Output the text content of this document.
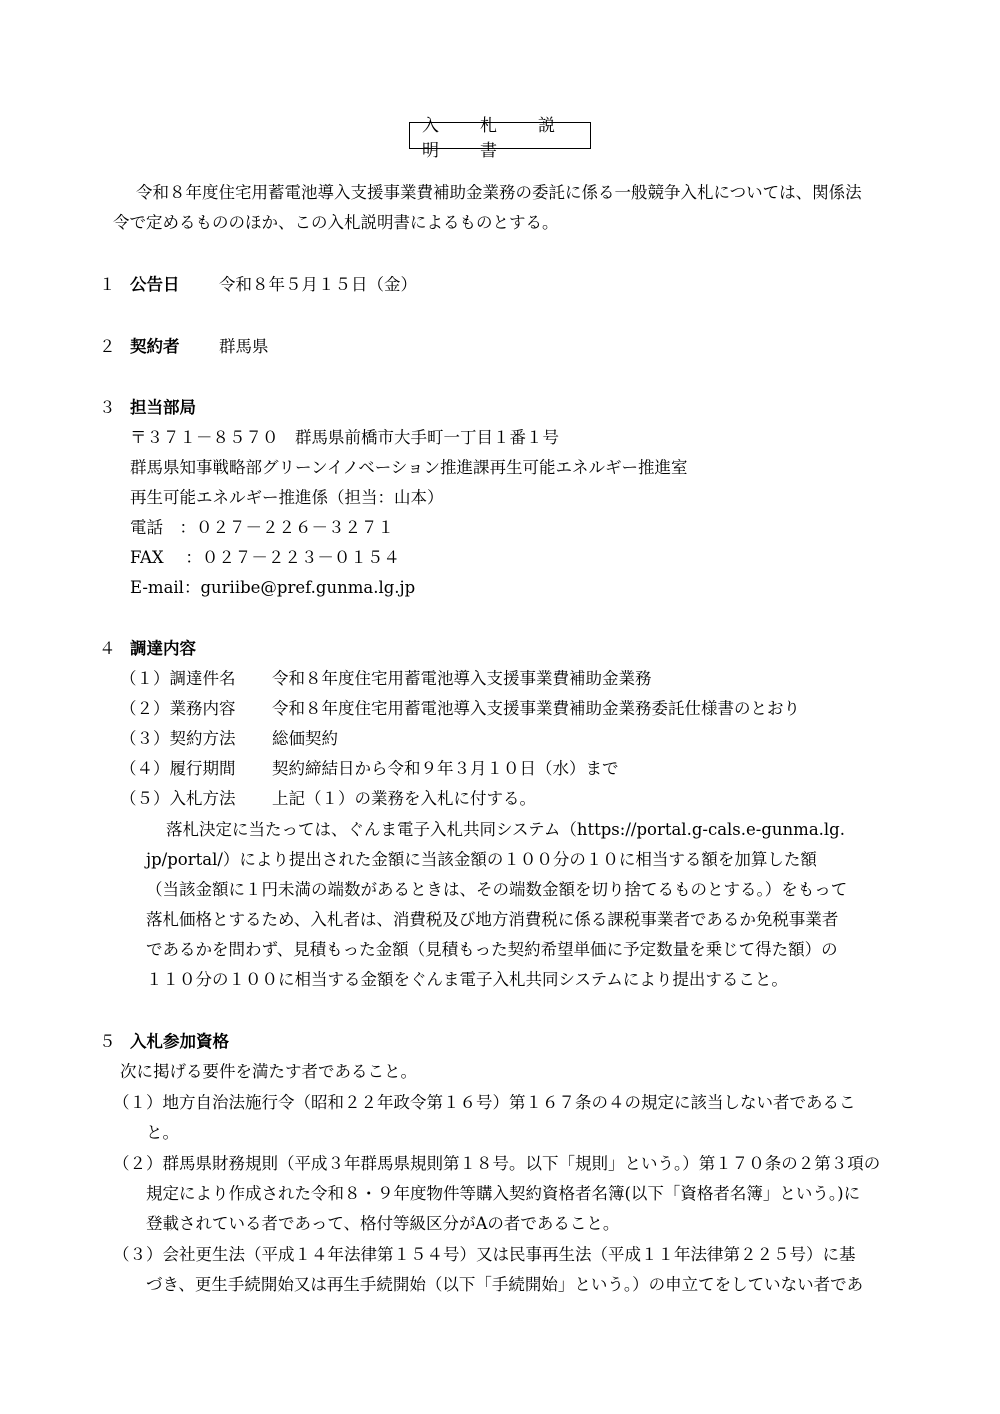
入　札　説　明　書
令和８年度住宅用蓄電池導入支援事業費補助金業務の委託に係る一般競争入札については、関係法
令で定めるもののほか、この入札説明書によるものとする。
１ 公告日 令和８年５月１５日（金）
２ 契約者 群馬県
３ 担当部局
〒３７１－８５７０　群馬県前橋市大手町一丁目１番１号
群馬県知事戦略部グリーンイノベーション推進課再生可能エネルギー推進室
再生可能エネルギー推進係（担当：山本）
電話　：０２７－２２６－３２７１
FAX　 ：０２７－２２３－０１５４
E-mail：guriibe@pref.gunma.lg.jp
４ 調達内容
（１）調達件名 令和８年度住宅用蓄電池導入支援事業費補助金業務
（２）業務内容 令和８年度住宅用蓄電池導入支援事業費補助金業務委託仕様書のとおり
（３）契約方法 総価契約
（４）履行期間 契約締結日から令和９年３月１０日（水）まで
（５）入札方法 上記（１）の業務を入札に付する。
落札決定に当たっては、ぐんま電子入札共同システム（https://portal.g-cals.e-gunma.lg.
jp/portal/）により提出された金額に当該金額の１００分の１０に相当する額を加算した額
（当該金額に１円未満の端数があるときは、その端数金額を切り捨てるものとする。）をもって
落札価格とするため、入札者は、消費税及び地方消費税に係る課税事業者であるか免税事業者
であるかを問わず、見積もった金額（見積もった契約希望単価に予定数量を乗じて得た額）の
１１０分の１００に相当する金額をぐんま電子入札共同システムにより提出すること。
５ 入札参加資格
次に掲げる要件を満たす者であること。
（１）地方自治法施行令（昭和２２年政令第１６号）第１６７条の４の規定に該当しない者であるこ
と。
（２）群馬県財務規則（平成３年群馬県規則第１８号。以下「規則」という。）第１７０条の２第３項の
規定により作成された令和８・９年度物件等購入契約資格者名簿(以下「資格者名簿」という。)に
登載されている者であって、格付等級区分がAの者であること。
（３）会社更生法（平成１４年法律第１５４号）又は民事再生法（平成１１年法律第２２５号）に基
づき、更生手続開始又は再生手続開始（以下「手続開始」という。）の申立てをしていない者であ
